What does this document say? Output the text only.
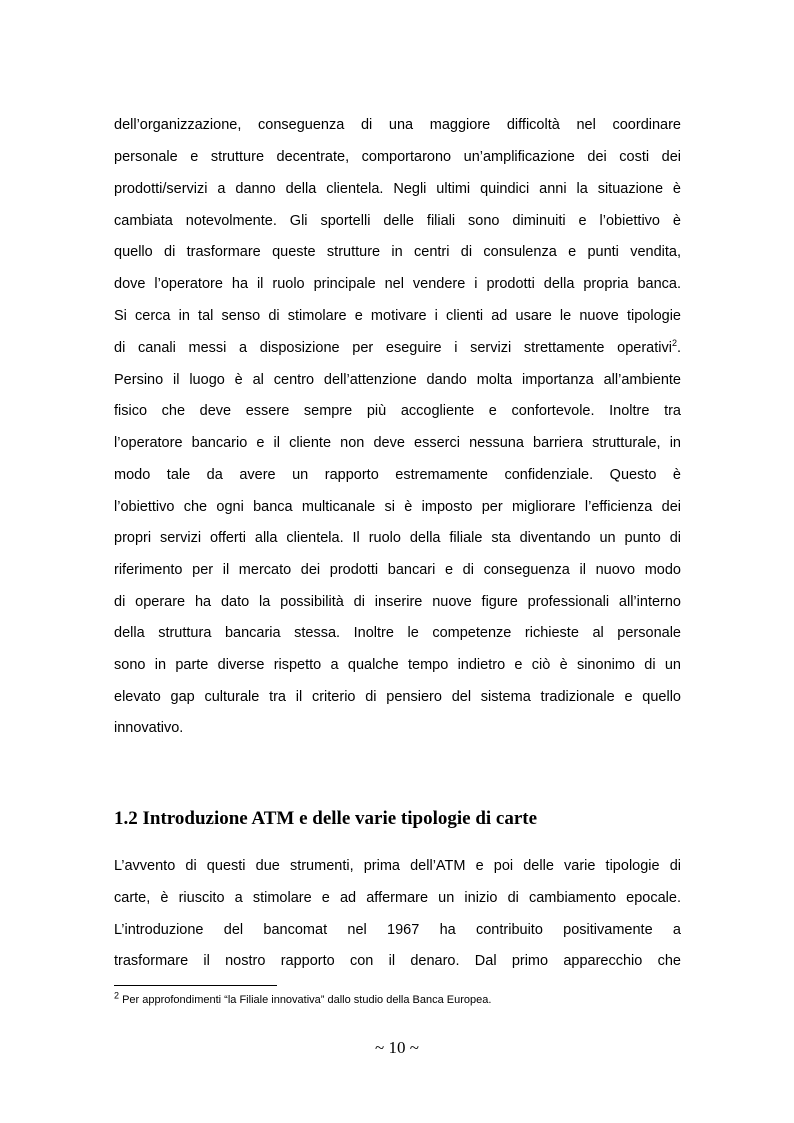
dell’organizzazione, conseguenza di una maggiore difficoltà nel coordinare
personale e strutture decentrate, comportarono un’amplificazione dei costi dei
prodotti/servizi a danno della clientela. Negli ultimi quindici anni la situazione è
cambiata notevolmente. Gli sportelli delle filiali sono diminuiti e l’obiettivo è
quello di trasformare queste strutture in centri di consulenza e punti vendita,
dove l’operatore ha il ruolo principale nel vendere i prodotti della propria banca.
Si cerca in tal senso di stimolare e motivare i clienti ad usare le nuove tipologie
di canali messi a disposizione per eseguire i servizi strettamente operativi$^2$.
Persino il luogo è al centro dell’attenzione dando molta importanza all’ambiente
fisico che deve essere sempre più accogliente e confortevole. Inoltre tra
l’operatore bancario e il cliente non deve esserci nessuna barriera strutturale, in
modo tale da avere un rapporto estremamente confidenziale. Questo è
l’obiettivo che ogni banca multicanale si è imposto per migliorare l’efficienza dei
propri servizi offerti alla clientela. Il ruolo della filiale sta diventando un punto di
riferimento per il mercato dei prodotti bancari e di conseguenza il nuovo modo
di operare ha dato la possibilità di inserire nuove figure professionali all’interno
della struttura bancaria stessa. Inoltre le competenze richieste al personale
sono in parte diverse rispetto a qualche tempo indietro e ciò è sinonimo di un
elevato gap culturale tra il criterio di pensiero del sistema tradizionale e quello
innovativo.
1.2 Introduzione ATM e delle varie tipologie di carte
L’avvento di questi due strumenti, prima dell’ATM e poi delle varie tipologie di
carte, è riuscito a stimolare e ad affermare un inizio di cambiamento epocale.
L’introduzione del bancomat nel 1967 ha contribuito positivamente a
trasformare il nostro rapporto con il denaro. Dal primo apparecchio che
$^2$ Per approfondimenti “la Filiale innovativa” dallo studio della Banca Europea.
~ 10 ~
